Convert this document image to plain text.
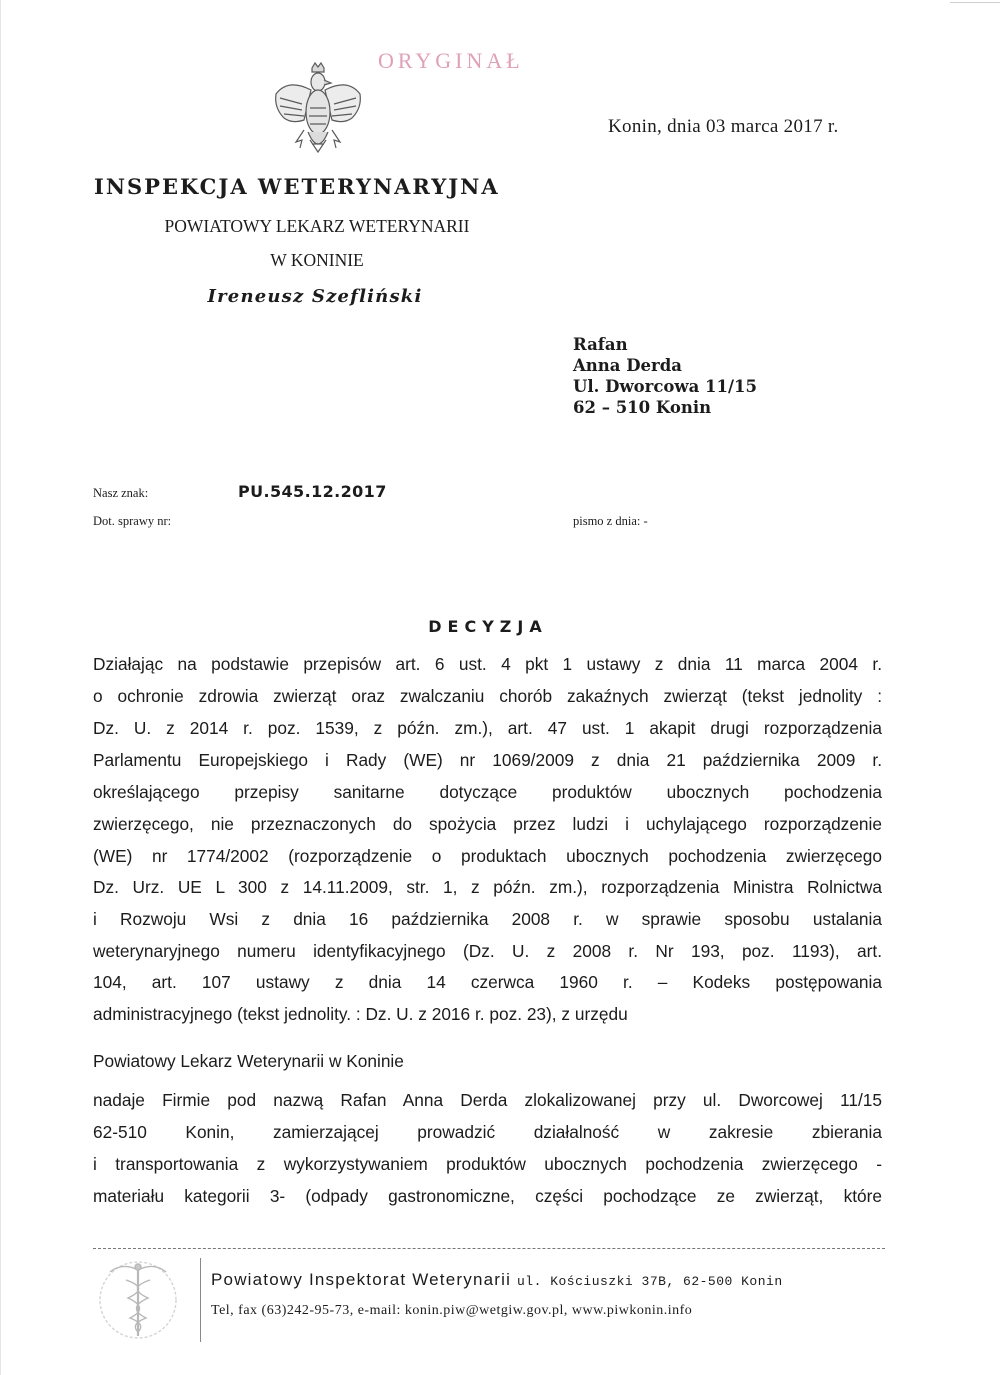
ORYGINAŁ
Konin, dnia 03 marca 2017 r.
INSPEKCJA WETERYNARYJNA
POWIATOWY LEKARZ WETERYNARII
W KONINIE
Ireneusz Szefliński
Rafan
Anna Derda
Ul. Dworcowa 11/15
62 – 510 Konin
Nasz znak:	PU.545.12.2017
Dot. sprawy nr:	pismo z dnia: -
DECYZJA
Działając na podstawie przepisów art. 6 ust. 4 pkt 1 ustawy z dnia 11 marca 2004 r.
o ochronie zdrowia zwierząt oraz zwalczaniu chorób zakaźnych zwierząt (tekst jednolity :
Dz. U. z 2014 r. poz. 1539, z późn. zm.), art. 47 ust. 1 akapit drugi rozporządzenia
Parlamentu Europejskiego i Rady (WE) nr 1069/2009 z dnia 21 października 2009 r.
określającego przepisy sanitarne dotyczące produktów ubocznych pochodzenia
zwierzęcego, nie przeznaczonych do spożycia przez ludzi i uchylającego rozporządzenie
(WE) nr 1774/2002 (rozporządzenie o produktach ubocznych pochodzenia zwierzęcego
Dz. Urz. UE L 300 z 14.11.2009, str. 1, z późn. zm.), rozporządzenia Ministra Rolnictwa
i Rozwoju Wsi z dnia 16 października 2008 r. w sprawie sposobu ustalania
weterynaryjnego numeru identyfikacyjnego (Dz. U. z 2008 r. Nr 193, poz. 1193), art.
104, art. 107 ustawy z dnia 14 czerwca 1960 r. – Kodeks postępowania
administracyjnego (tekst jednolity. : Dz. U. z 2016 r. poz. 23), z urzędu
Powiatowy Lekarz Weterynarii w Koninie
nadaje Firmie pod nazwą Rafan Anna Derda zlokalizowanej przy ul. Dworcowej 11/15
62-510 Konin, zamierzającej prowadzić działalność w zakresie zbierania
i transportowania z wykorzystywaniem produktów ubocznych pochodzenia zwierzęcego -
materiału kategorii 3- (odpady gastronomiczne, części pochodzące ze zwierząt, które
Powiatowy Inspektorat Weterynarii ul. Kościuszki 37B, 62-500 Konin
Tel, fax (63)242-95-73, e-mail: konin.piw@wetgiw.gov.pl, www.piwkonin.info
